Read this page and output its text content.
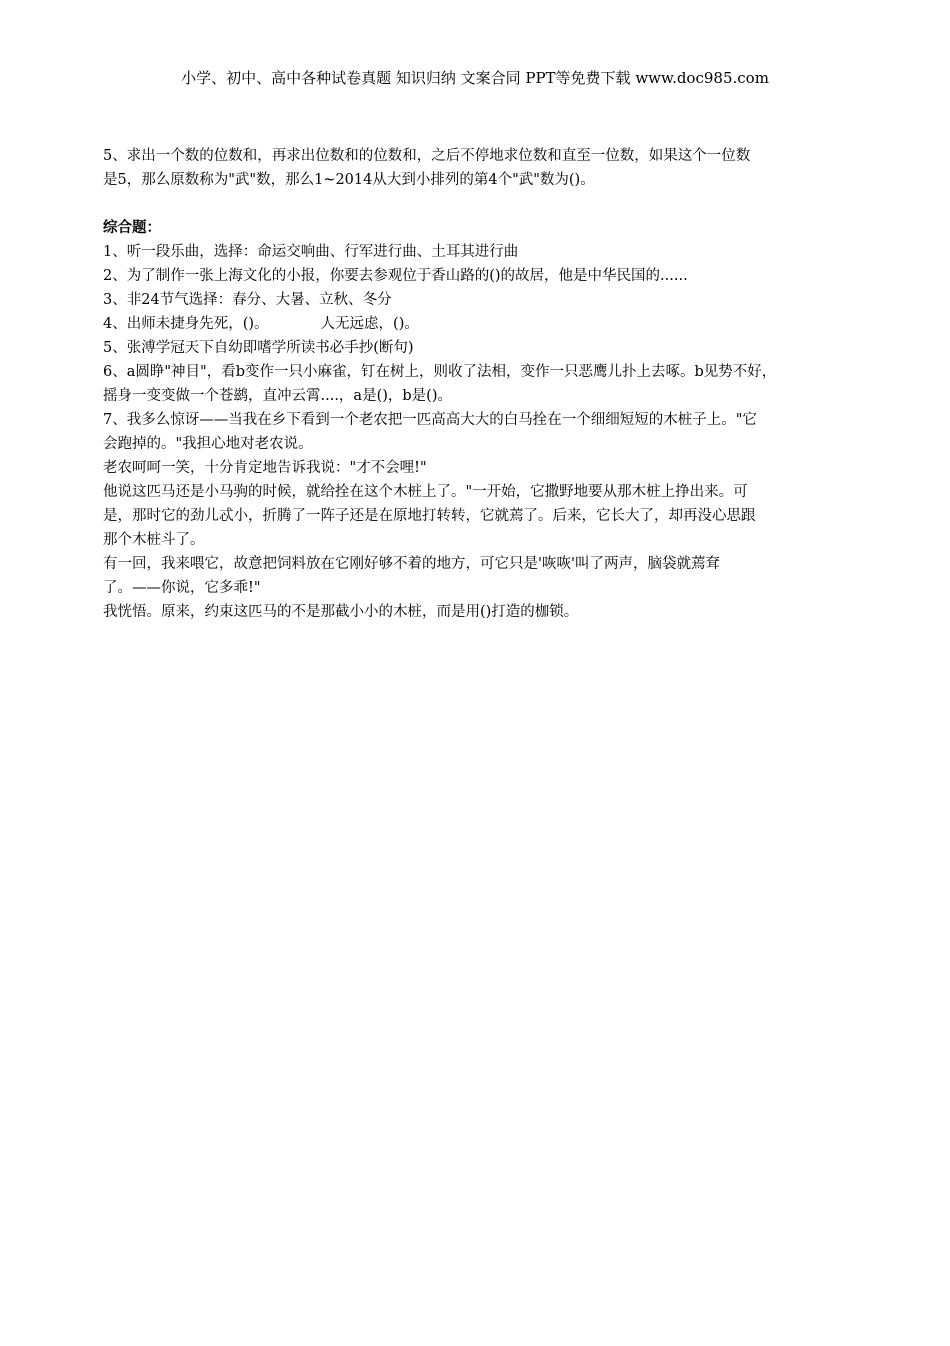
小学、初中、高中各种试卷真题 知识归纳 文案合同 PPT等免费下载 www.doc985.com

5、求出一个数的位数和，再求出位数和的位数和，之后不停地求位数和直至一位数，如果这个一位数

是5，那么原数称为"武"数，那么1~2014从大到小排列的第4个"武"数为()。

综合题：

1、听一段乐曲，选择：命运交响曲、行军进行曲、土耳其进行曲

2、为了制作一张上海文化的小报，你要去参观位于香山路的()的故居，他是中华民国的......

3、非24节气选择：春分、大暑、立秋、冬分

4、出师未捷身先死，()。	人无远虑，()。

5、张溥学冠天下自幼即嗜学所读书必手抄(断句)

6、a圆睁"神目"，看b变作一只小麻雀，钉在树上，则收了法相，变作一只恶鹰儿扑上去啄。b见势不好，

摇身一变变做一个苍鹚，直冲云霄....，a是()，b是()。

7、我多么惊讶——当我在乡下看到一个老农把一匹高高大大的白马拴在一个细细短短的木桩子上。"它

会跑掉的。"我担心地对老农说。

老农呵呵一笑，十分肯定地告诉我说："才不会哩!"

他说这匹马还是小马驹的时候，就给拴在这个木桩上了。"一开始，它撒野地要从那木桩上挣出来。可

是，那时它的劲儿忒小，折腾了一阵子还是在原地打转转，它就蔫了。后来，它长大了，却再没心思跟

那个木桩斗了。

有一回，我来喂它，故意把饲料放在它刚好够不着的地方，可它只是'咴咴'叫了两声，脑袋就蔫耷

了。——你说，它多乖!"

我恍悟。原来，约束这匹马的不是那截小小的木桩，而是用()打造的枷锁。
